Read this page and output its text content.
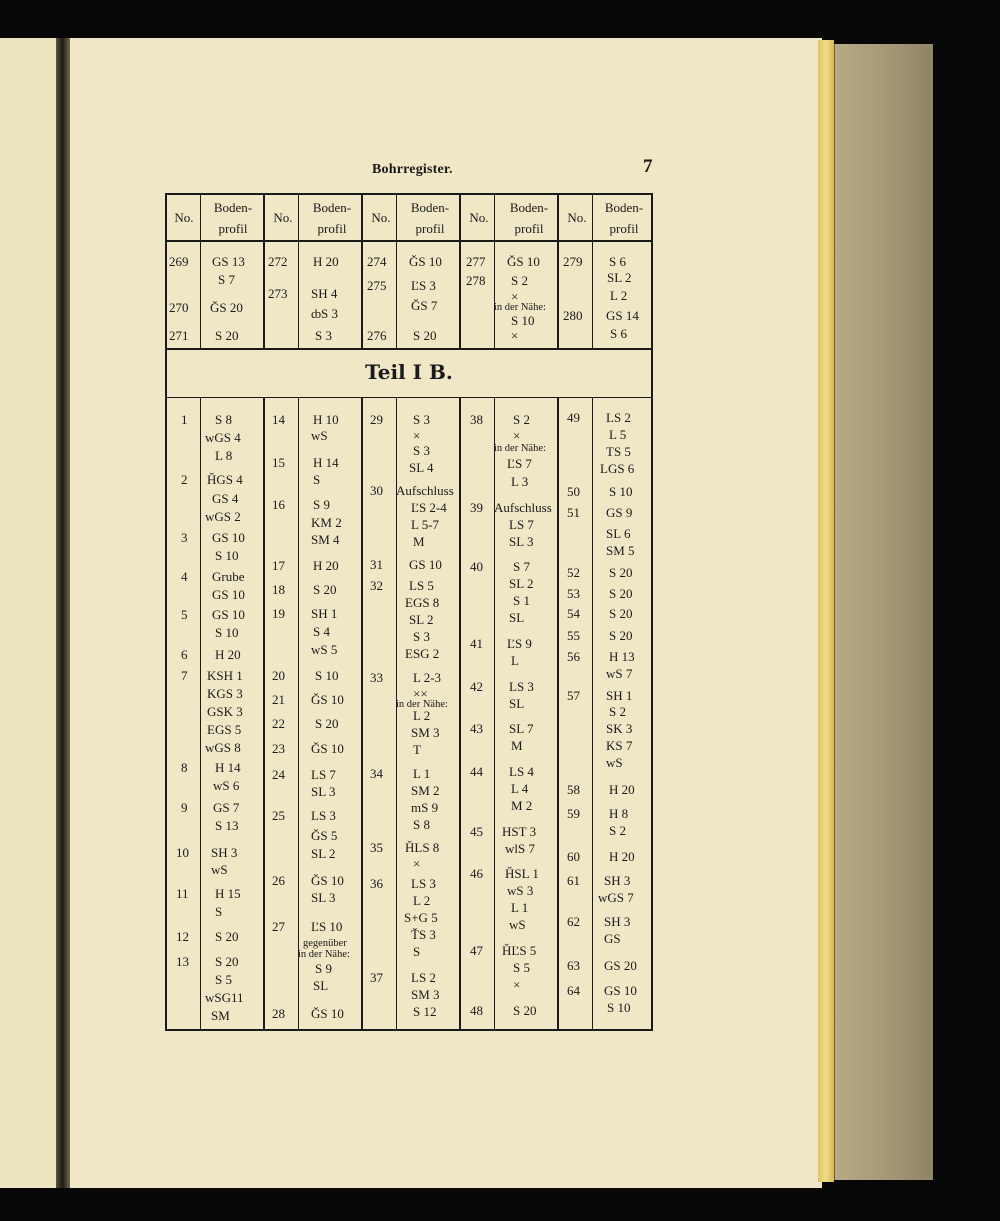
Bohrregister.	7
No.
Boden-
profil
No.
Boden-
profil
No.
Boden-
profil
No.
Boden-
profil
No.
Boden-
profil
Teil I B.
269 GS 13
S 7
270 ĞS 20
271 S 20
272 H 20
273 SH 4
ȸS 3
S 3
274 ĞS 10
275 ĽS 3
ĞS 7
276 S 20
277 ĞS 10
278 S 2
×
in der Nähe:
S 10
×
279 S 6
SL 2
L 2
280 GS 14
S 6
1 S 8
wGS 4
L 8
2 ȞGS 4
GS 4
wGS 2
3 GS 10
S 10
4 Grube
GS 10
5 GS 10
S 10
6 H 20
7 KSH 1
KGS 3
GSK 3
EGS 5
wGS 8
8 H 14
wS 6
9 GS 7
S 13
10 SH 3
wS
11 H 15
S
12 S 20
13 S 20
S 5
wSG11
SM
14 H 10
wS
15 H 14
S
16 S 9
KM 2
SM 4
17 H 20
18 S 20
19 SH 1
S 4
wS 5
20 S 10
21 ĞS 10
22 S 20
23 ĞS 10
24 LS 7
SL 3
25 LS 3
ĞS 5
SL 2
26 ĞS 10
SL 3
27 ĽS 10
gegenüber
in der Nähe:
S 9
SL
28 ĞS 10
29 S 3
×
S 3
SL 4
30 Aufschluss
ĽS 2-4
L 5-7
M
31 GS 10
32 LS 5
EGS 8
SL 2
S 3
ESG 2
33 L 2-3
××
in der Nähe:
L 2
SM 3
T
34 L 1
SM 2
mS 9
S 8
35 ȞLS 8
×
36 LS 3
L 2
S+G 5
ŤS 3
S
37 LS 2
SM 3
S 12
38 S 2
×
in der Nähe:
ĽS 7
L 3
39 Aufschluss
LS 7
SL 3
40 S 7
SL 2
S 1
SL
41 ĽS 9
L
42 LS 3
SL
43 SL 7
M
44 LS 4
L 4
M 2
45 HST 3
wlS 7
46 ȞSL 1
wS 3
L 1
wS
47 ȞĽS 5
S 5
×
48 S 20
49 LS 2
L 5
TS 5
LGS 6
50 S 10
51 GS 9
SL 6
SM 5
52 S 20
53 S 20
54 S 20
55 S 20
56 H 13
wS 7
57 SH 1
S 2
SK 3
KS 7
wS
58 H 20
59 H 8
S 2
60 H 20
61 SH 3
wGS 7
62 SH 3
GS
63 GS 20
64 GS 10
S 10
